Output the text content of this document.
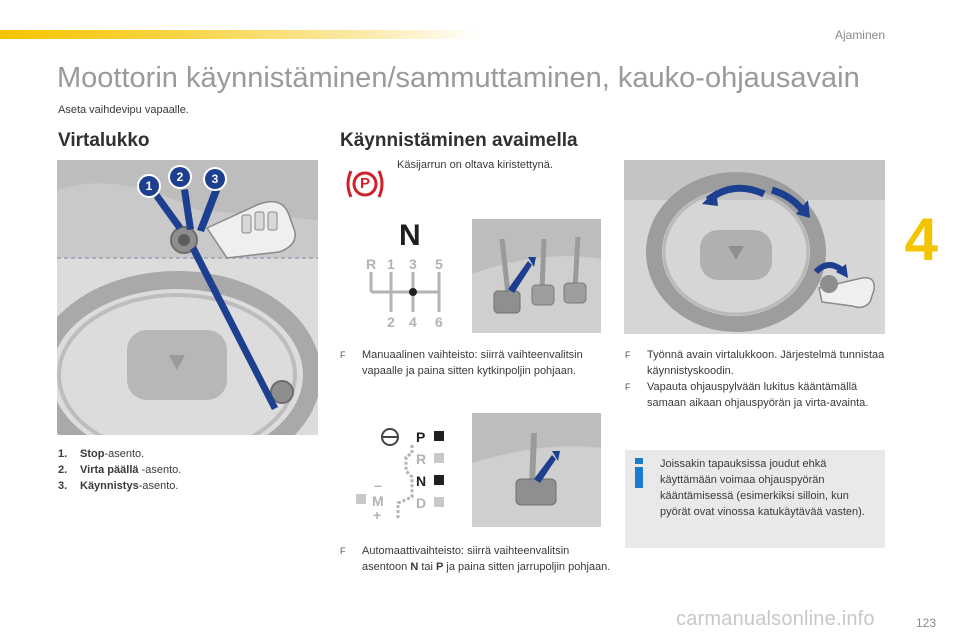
Ajaminen
4
Moottorin käynnistäminen/sammuttaminen, kauko-ohjausavain

Aseta vaihdevipu vapaalle.

Virtalukko
1
2	3
1. Stop-asento.
2. Virta päällä -asento.
3. Käynnistys-asento.
Käynnistäminen avaimella
P

Käsijarrun on oltava kiristettynä.

N
R 1 3 5
2 4 6
F	Manuaalinen vaihteisto: siirrä vaihteenvalitsin vapaalle ja paina sitten kytkinpoljin pohjaan.
P
R
N
D
M
–
+
F	Automaattivaihteisto: siirrä vaihteenvalitsin asentoon N tai P ja paina sitten jarrupoljin pohjaan.
F	Työnnä avain virtalukkoon. Järjestelmä tunnistaa käynnistyskoodin.
F	Vapauta ohjauspylvään lukitus kääntämällä samaan aikaan ohjauspyörän ja virta-avainta.

Joissakin tapauksissa joudut ehkä käyttämään voimaa ohjauspyörän kääntämisessä (esimerkiksi silloin, kun pyörät ovat vinossa katukäytävää vasten).

carmanualsonline.info	123
